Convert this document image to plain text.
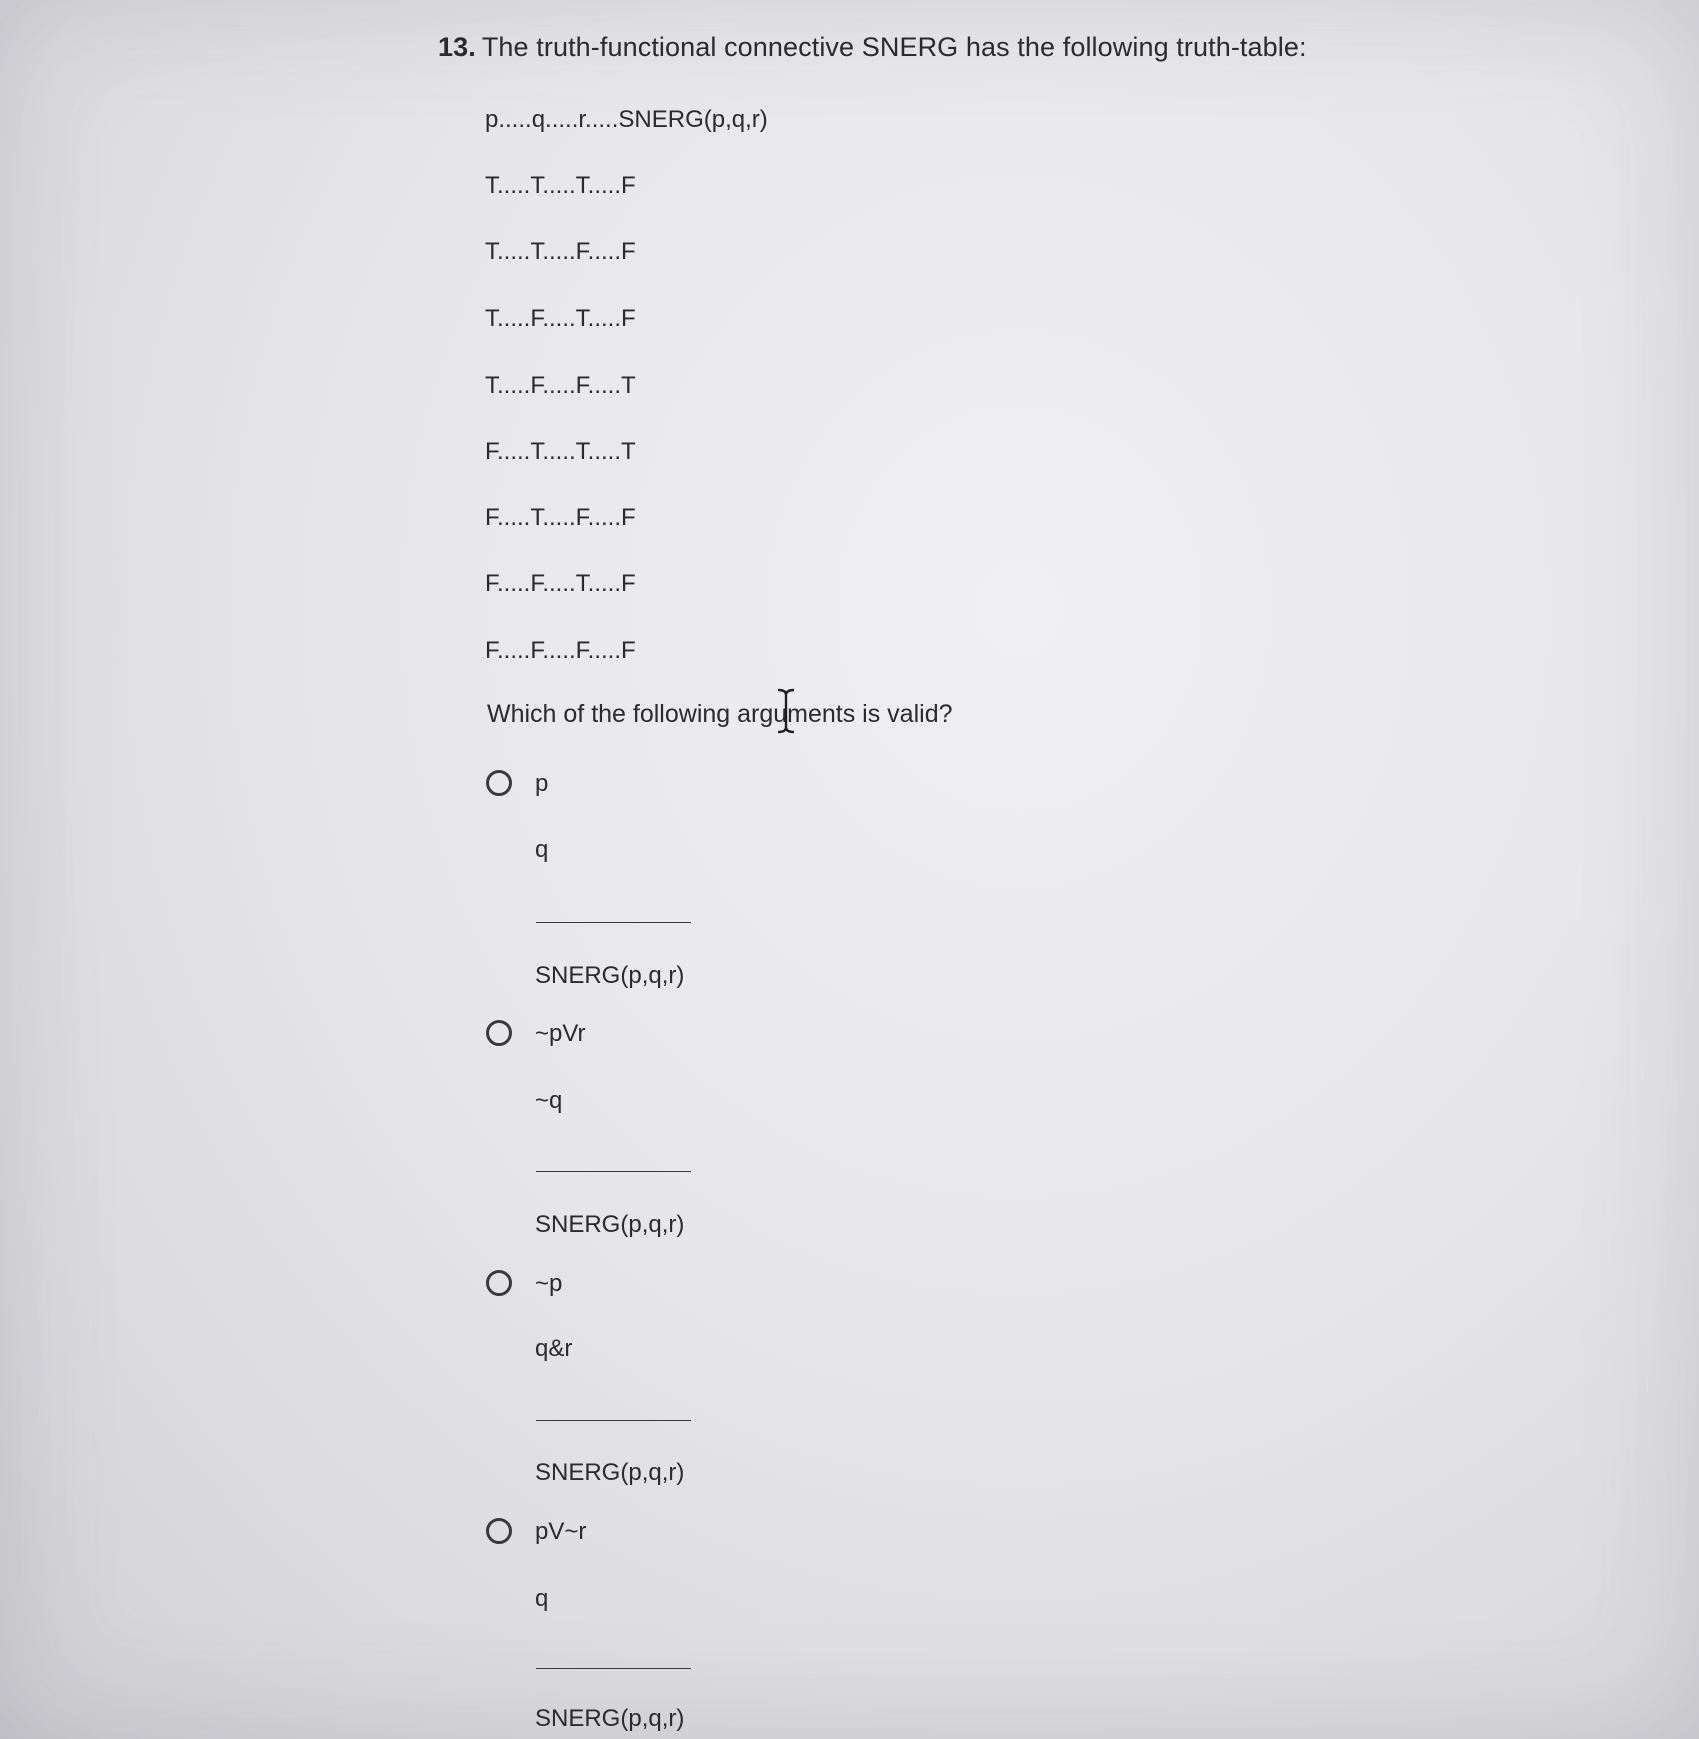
13. The truth-functional connective SNERG has the following truth-table:
p.....q.....r.....SNERG(p,q,r)
T.....T.....T.....F
T.....T.....F.....F
T.....F.....T.....F
T.....F.....F.....T
F.....T.....T.....T
F.....T.....F.....F
F.....F.....T.....F
F.....F.....F.....F
Which of the following arguments is valid?
p
q
SNERG(p,q,r)
~pVr
~q
SNERG(p,q,r)
~p
q&r
SNERG(p,q,r)
pV~r
q
SNERG(p,q,r)
